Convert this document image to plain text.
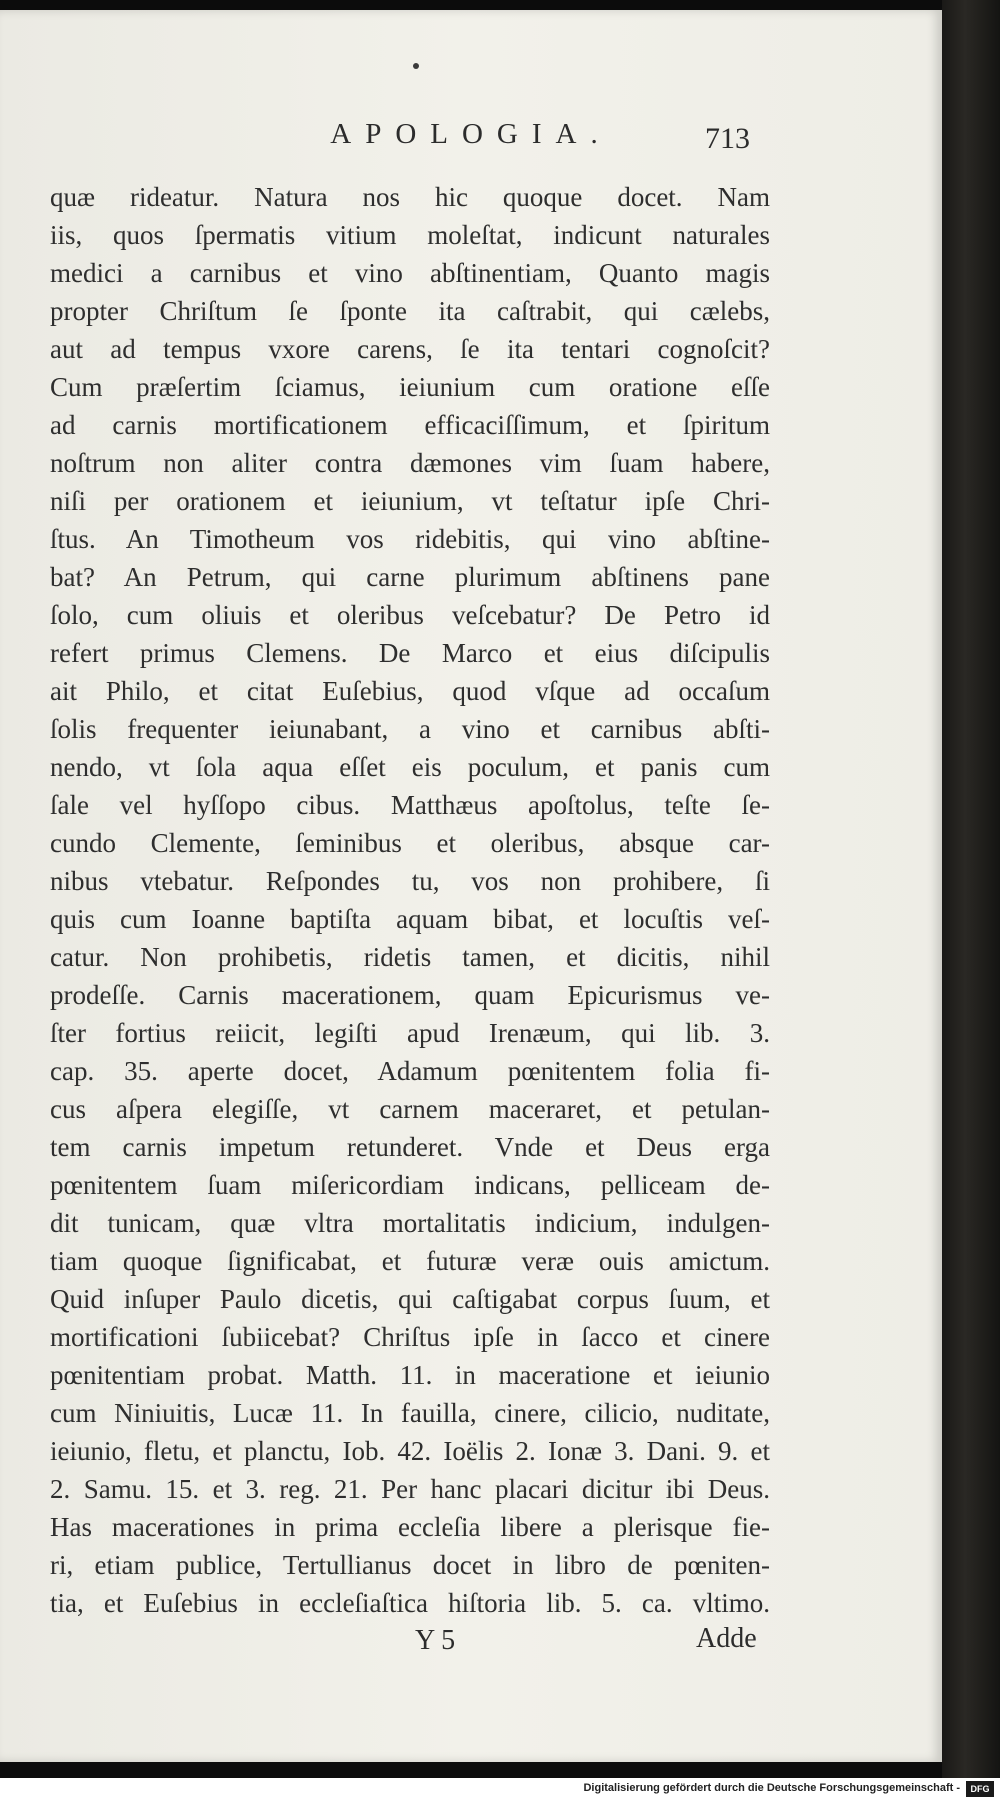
APOLOGIA.	713
quæ rideatur. Natura nos hic quoque docet. Nam
iis, quos ſpermatis vitium moleſtat, indicunt naturales
medici a carnibus et vino abſtinentiam, Quanto magis
propter Chriſtum ſe ſponte ita caſtrabit, qui cælebs,
aut ad tempus vxore carens, ſe ita tentari cognoſcit?
Cum præſertim ſciamus, ieiunium cum oratione eſſe
ad carnis mortificationem efficaciſſimum, et ſpiritum
noſtrum non aliter contra dæmones vim ſuam habere,
niſi per orationem et ieiunium, vt teſtatur ipſe Chri-
ſtus. An Timotheum vos ridebitis, qui vino abſtine-
bat? An Petrum, qui carne plurimum abſtinens pane
ſolo, cum oliuis et oleribus veſcebatur? De Petro id
refert primus Clemens. De Marco et eius diſcipulis
ait Philo, et citat Euſebius, quod vſque ad occaſum
ſolis frequenter ieiunabant, a vino et carnibus abſti-
nendo, vt ſola aqua eſſet eis poculum, et panis cum
ſale vel hyſſopo cibus. Matthæus apoſtolus, teſte ſe-
cundo Clemente, ſeminibus et oleribus, absque car-
nibus vtebatur. Reſpondes tu, vos non prohibere, ſi
quis cum Ioanne baptiſta aquam bibat, et locuſtis veſ-
catur. Non prohibetis, ridetis tamen, et dicitis, nihil
prodeſſe. Carnis macerationem, quam Epicurismus ve-
ſter fortius reiicit, legiſti apud Irenæum, qui lib. 3.
cap. 35. aperte docet, Adamum pœnitentem folia fi-
cus aſpera elegiſſe, vt carnem maceraret, et petulan-
tem carnis impetum retunderet. Vnde et Deus erga
pœnitentem ſuam miſericordiam indicans, pelliceam de-
dit tunicam, quæ vltra mortalitatis indicium, indulgen-
tiam quoque ſignificabat, et futuræ veræ ouis amictum.
Quid inſuper Paulo dicetis, qui caſtigabat corpus ſuum, et
mortificationi ſubiicebat? Chriſtus ipſe in ſacco et cinere
pœnitentiam probat. Matth. 11. in maceratione et ieiunio
cum Niniuitis, Lucæ 11. In fauilla, cinere, cilicio, nuditate,
ieiunio, fletu, et planctu, Iob. 42. Ioëlis 2. Ionæ 3. Dani. 9. et
2. Samu. 15. et 3. reg. 21. Per hanc placari dicitur ibi Deus.
Has macerationes in prima eccleſia libere a plerisque fie-
ri, etiam publice, Tertullianus docet in libro de pœniten-
tia, et Euſebius in eccleſiaſtica hiſtoria lib. 5. ca. vltimo.
Y 5	Adde
Digitalisierung gefördert durch die Deutsche Forschungsgemeinschaft -	DFG
